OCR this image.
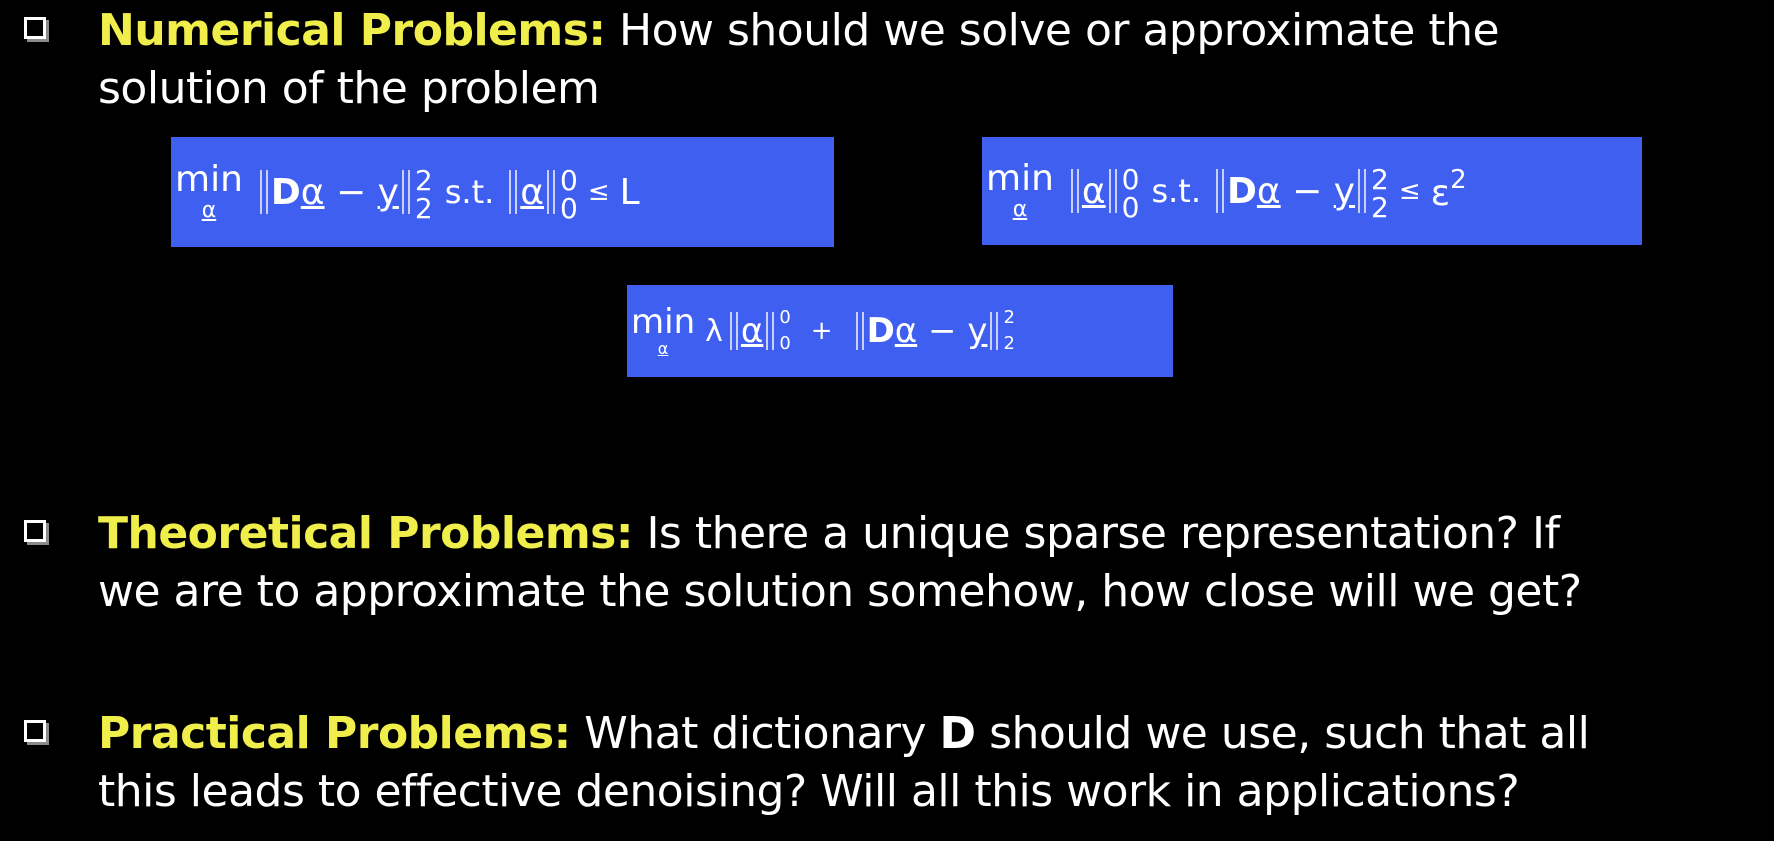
Numerical Problems: How should we solve or approximate the
solution of the problem
min
α Dα − y 2
2 s.t. α 0
0 ≤ L	min
α α 0
0 s.t. Dα − y 2
$2 \le \varepsilon^2$
min
α λ α 0
0 + Dα − y 2
2
Theoretical Problems: Is there a unique sparse representation? If
we are to approximate the solution somehow, how close will we get?
Practical Problems: What dictionary D should we use, such that all
this leads to effective denoising? Will all this work in applications?
